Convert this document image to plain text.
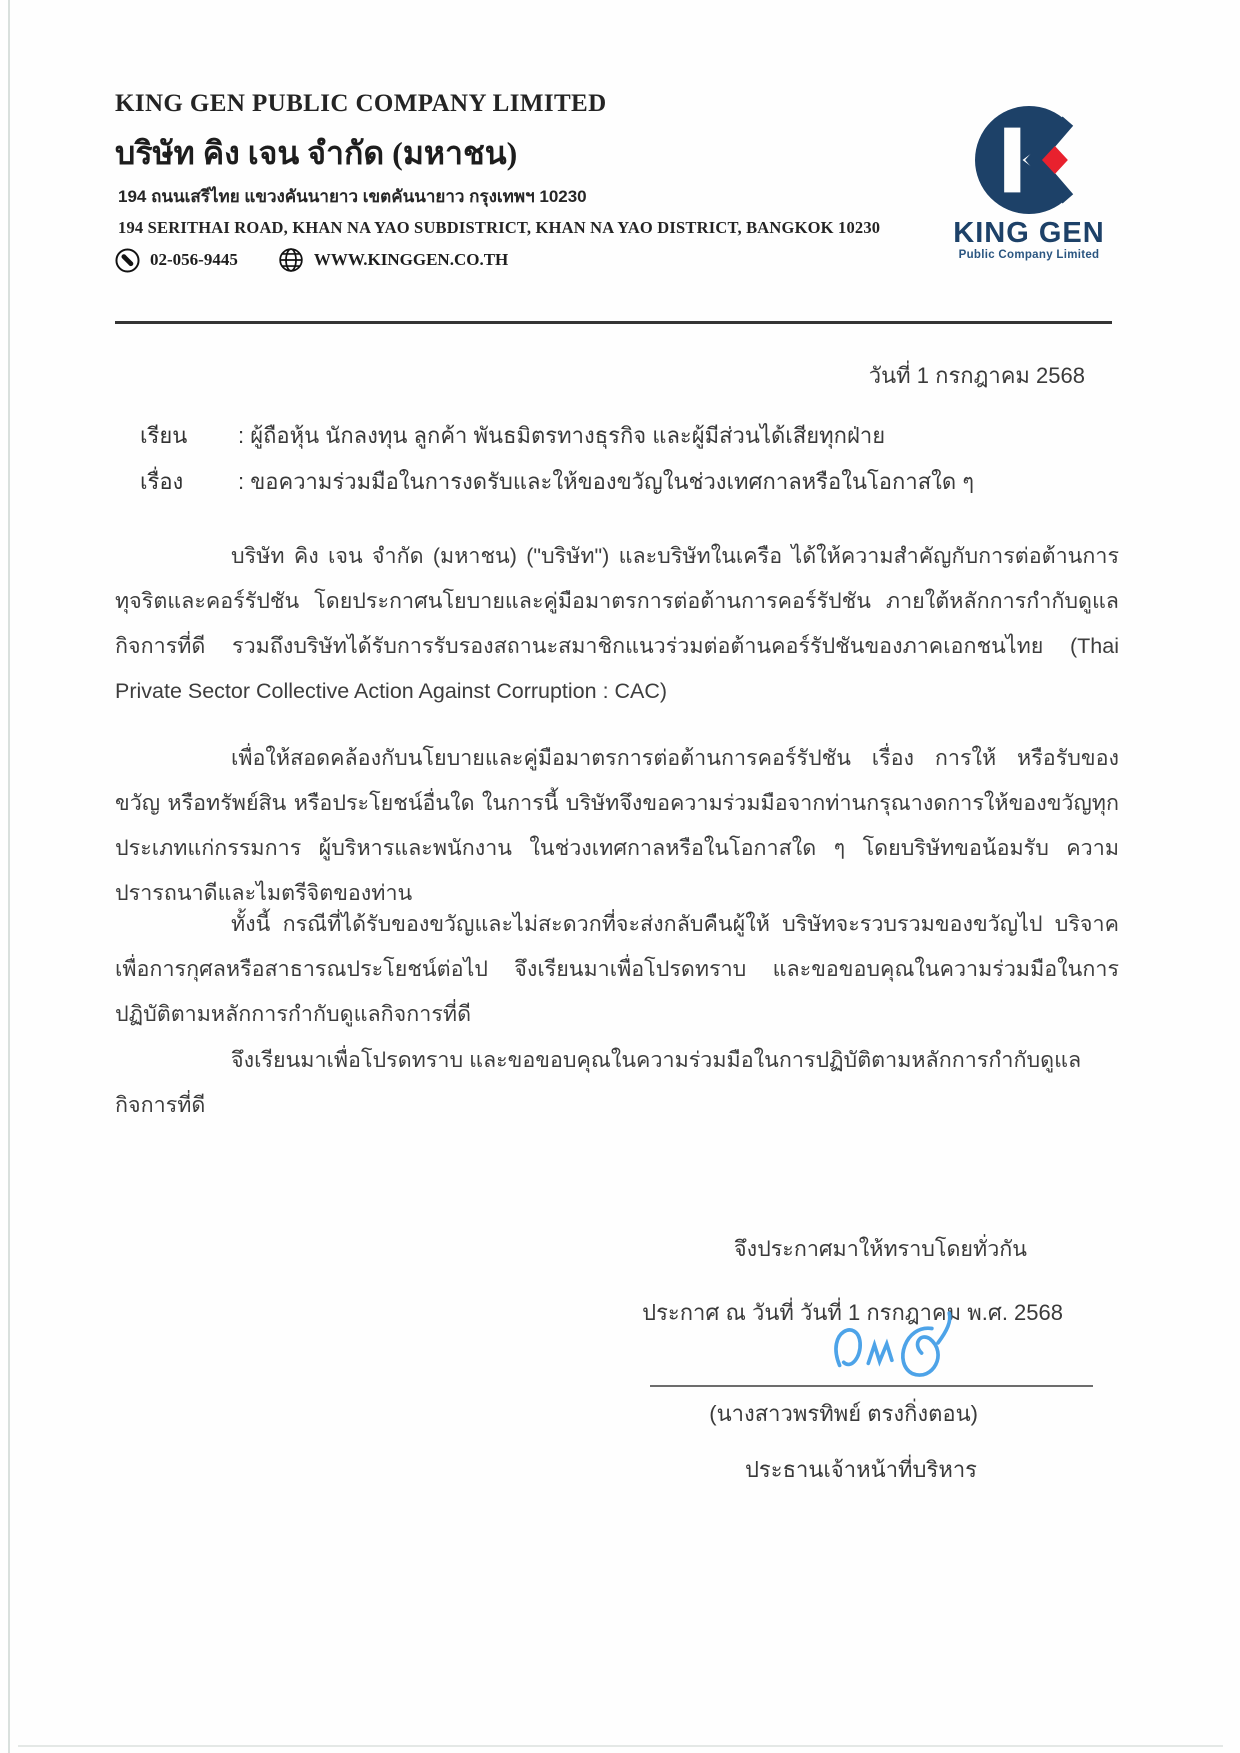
KING GEN PUBLIC COMPANY LIMITED
บริษัท คิง เจน จำกัด (มหาชน)
194 ถนนเสรีไทย แขวงคันนายาว เขตคันนายาว กรุงเทพฯ 10230
194 SERITHAI ROAD, KHAN NA YAO SUBDISTRICT, KHAN NA YAO DISTRICT, BANGKOK 10230
02-056-9445	WWW.KINGGEN.CO.TH
KING GEN
Public Company Limited
วันที่ 1 กรกฎาคม 2568
เรียน : ผู้ถือหุ้น นักลงทุน ลูกค้า พันธมิตรทางธุรกิจ และผู้มีส่วนได้เสียทุกฝ่าย
เรื่อง : ขอความร่วมมือในการงดรับและให้ของขวัญในช่วงเทศกาลหรือในโอกาสใด ๆ

บริษัท คิง เจน จำกัด (มหาชน) ("บริษัท") และบริษัทในเครือ ได้ให้ความสำคัญกับการต่อต้านการทุจริตและคอร์รัปชัน โดยประกาศนโยบายและคู่มือมาตรการต่อต้านการคอร์รัปชัน ภายใต้หลักการกำกับดูแลกิจการที่ดี รวมถึงบริษัทได้รับการรับรองสถานะสมาชิกแนวร่วมต่อต้านคอร์รัปชันของภาคเอกชนไทย (Thai Private Sector Collective Action Against Corruption : CAC)

เพื่อให้สอดคล้องกับนโยบายและคู่มือมาตรการต่อต้านการคอร์รัปชัน เรื่อง การให้ หรือรับของขวัญ หรือทรัพย์สิน หรือประโยชน์อื่นใด ในการนี้ บริษัทจึงขอความร่วมมือจากท่านกรุณางดการให้ของขวัญทุกประเภทแก่กรรมการ ผู้บริหารและพนักงาน ในช่วงเทศกาลหรือในโอกาสใด ๆ โดยบริษัทขอน้อมรับ ความปรารถนาดีและไมตรีจิตของท่าน

ทั้งนี้ กรณีที่ได้รับของขวัญและไม่สะดวกที่จะส่งกลับคืนผู้ให้ บริษัทจะรวบรวมของขวัญไป บริจาคเพื่อการกุศลหรือสาธารณประโยชน์ต่อไป จึงเรียนมาเพื่อโปรดทราบ และขอขอบคุณในความร่วมมือในการปฏิบัติตามหลักการกำกับดูแลกิจการที่ดี

จึงเรียนมาเพื่อโปรดทราบ และขอขอบคุณในความร่วมมือในการปฏิบัติตามหลักการกำกับดูแลกิจการที่ดี

จึงประกาศมาให้ทราบโดยทั่วกัน
ประกาศ ณ วันที่ วันที่ 1 กรกฎาคม พ.ศ. 2568
(นางสาวพรทิพย์ ตรงกิ่งตอน)
ประธานเจ้าหน้าที่บริหาร
